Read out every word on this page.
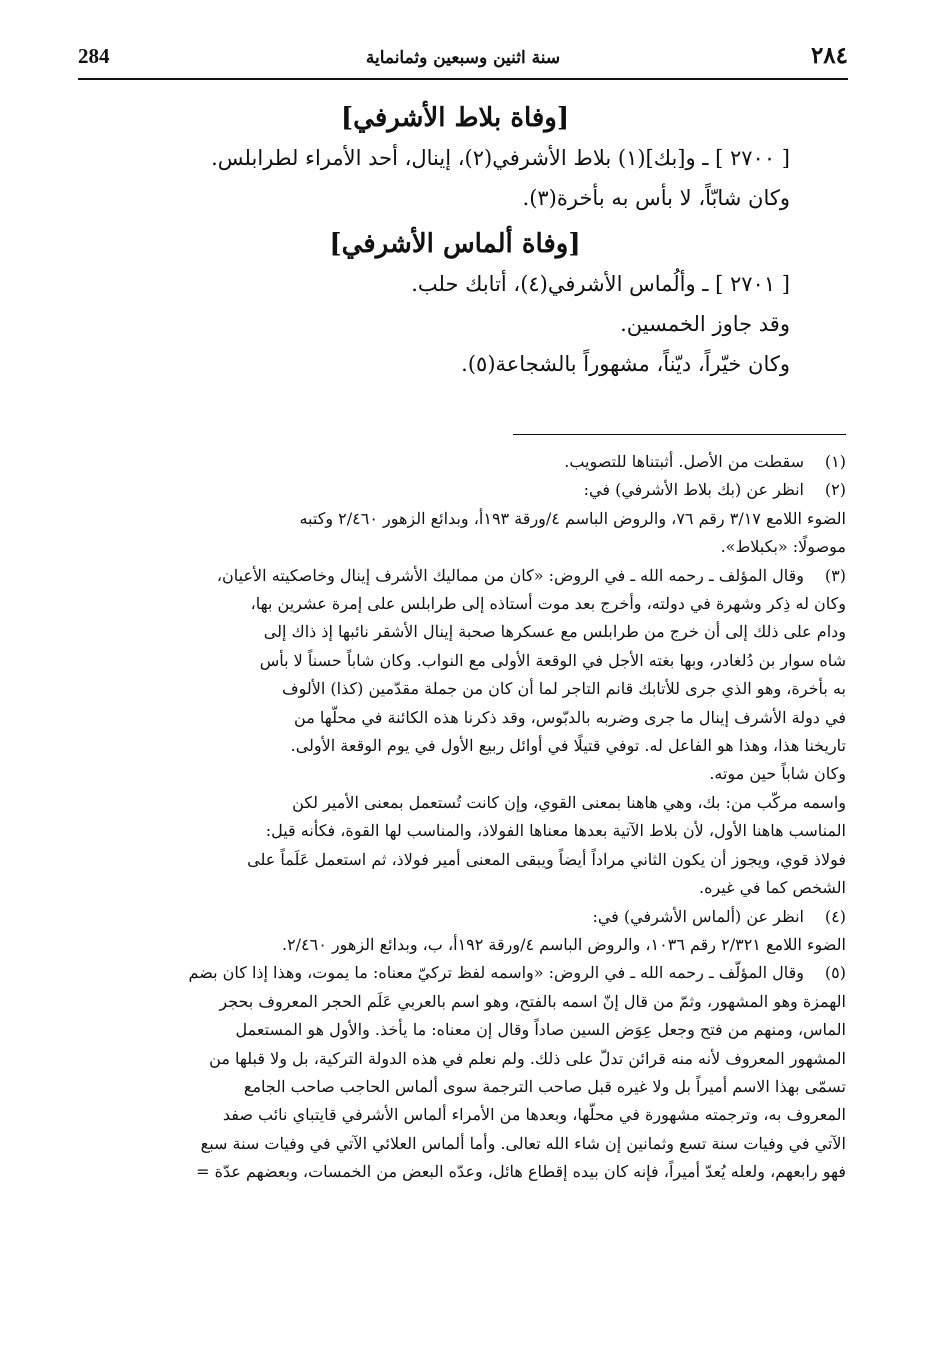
284	سنة اثنين وسبعين وثمانماية	٢٨٤

[وفاة بلاط الأشرفي]

[ ٢٧٠٠ ] ـ و[بك](١) بلاط الأشرفي(٢)، إينال، أحد الأمراء لطرابلس.

وكان شابّاً، لا بأس به بأخرة(٣).

[وفاة ألماس الأشرفي]

[ ٢٧٠١ ] ـ وألُماس الأشرفي(٤)، أتابك حلب.

وقد جاوز الخمسين.

وكان خيّراً، ديّناً، مشهوراً بالشجاعة(٥).

(١)

سقطت من الأصل. أثبتناها للتصويب.

(٢)

انظر عن (بك بلاط الأشرفي) في:

الضوء اللامع ٣/١٧ رقم ٧٦، والروض الباسم ٤/ورقة ١٩٣أ، وبدائع الزهور ٢/٤٦٠ وكتبه

موصولًا: «بكبلاط».

(٣)

وقال المؤلف ـ رحمه الله ـ في الروض: «كان من مماليك الأشرف إينال وخاصكيته الأعيان،

وكان له ذِكر وشهرة في دولته، وأخرج بعد موت أستاذه إلى طرابلس على إمرة عشرين بها،

ودام على ذلك إلى أن خرج من طرابلس مع عسكرها صحبة إينال الأشقر نائبها إذ ذاك إلى

شاه سوار بن دُلغادر، وبها بغته الأجل في الوقعة الأولى مع النواب. وكان شاباً حسناً لا بأس

به بأخرة، وهو الذي جرى للأتابك قانم التاجر لما أن كان من جملة مقدّمين (كذا) الألوف

في دولة الأشرف إينال ما جرى وضربه بالدبّوس، وقد ذكرنا هذه الكائنة في محلّها من

تاريخنا هذا، وهذا هو الفاعل له. توفي قتيلًا في أوائل ربيع الأول في يوم الوقعة الأولى.

وكان شاباً حين موته.

واسمه مركّب من: بك، وهي هاهنا بمعنى القوي، وإن كانت تُستعمل بمعنى الأمير لكن

المناسب هاهنا الأول، لأن بلاط الآتية بعدها معناها الفولاذ، والمناسب لها القوة، فكأنه قيل:

فولاذ قوي، ويجوز أن يكون الثاني مراداً أيضاً ويبقى المعنى أمير فولاذ، ثم استعمل عَلَماً على

الشخص كما في غيره.

(٤)

انظر عن (ألماس الأشرفي) في:

الضوء اللامع ٢/٣٢١ رقم ١٠٣٦، والروض الباسم ٤/ورقة ١٩٢أ، ب، وبدائع الزهور ٢/٤٦٠.

(٥)

وقال المؤلّف ـ رحمه الله ـ في الروض: «واسمه لفظ تركيّ معناه: ما يموت، وهذا إذا كان بضم

الهمزة وهو المشهور، وثمّ من قال إنّ اسمه بالفتح، وهو اسم بالعربي عَلَم الحجر المعروف بحجر

الماس، ومنهم من فتح وجعل عِوَض السين صاداً وقال إن معناه: ما يأخذ. والأول هو المستعمل

المشهور المعروف لأنه منه قرائن تدلّ على ذلك. ولم نعلم في هذه الدولة التركية، بل ولا قبلها من

تسمّى بهذا الاسم أميراً بل ولا غيره قبل صاحب الترجمة سوى ألماس الحاجب صاحب الجامع

المعروف به، وترجمته مشهورة في محلّها، وبعدها من الأمراء ألماس الأشرفي قايتباي نائب صفد

الآتي في وفيات سنة تسع وثمانين إن شاء الله تعالى. وأما ألماس العلائي الآتي في وفيات سنة سبع

فهو رابعهم، ولعله يُعدّ أميراً، فإنه كان بيده إقطاع هائل، وعدّه البعض من الخمسات، وبعضهم عدّة =
